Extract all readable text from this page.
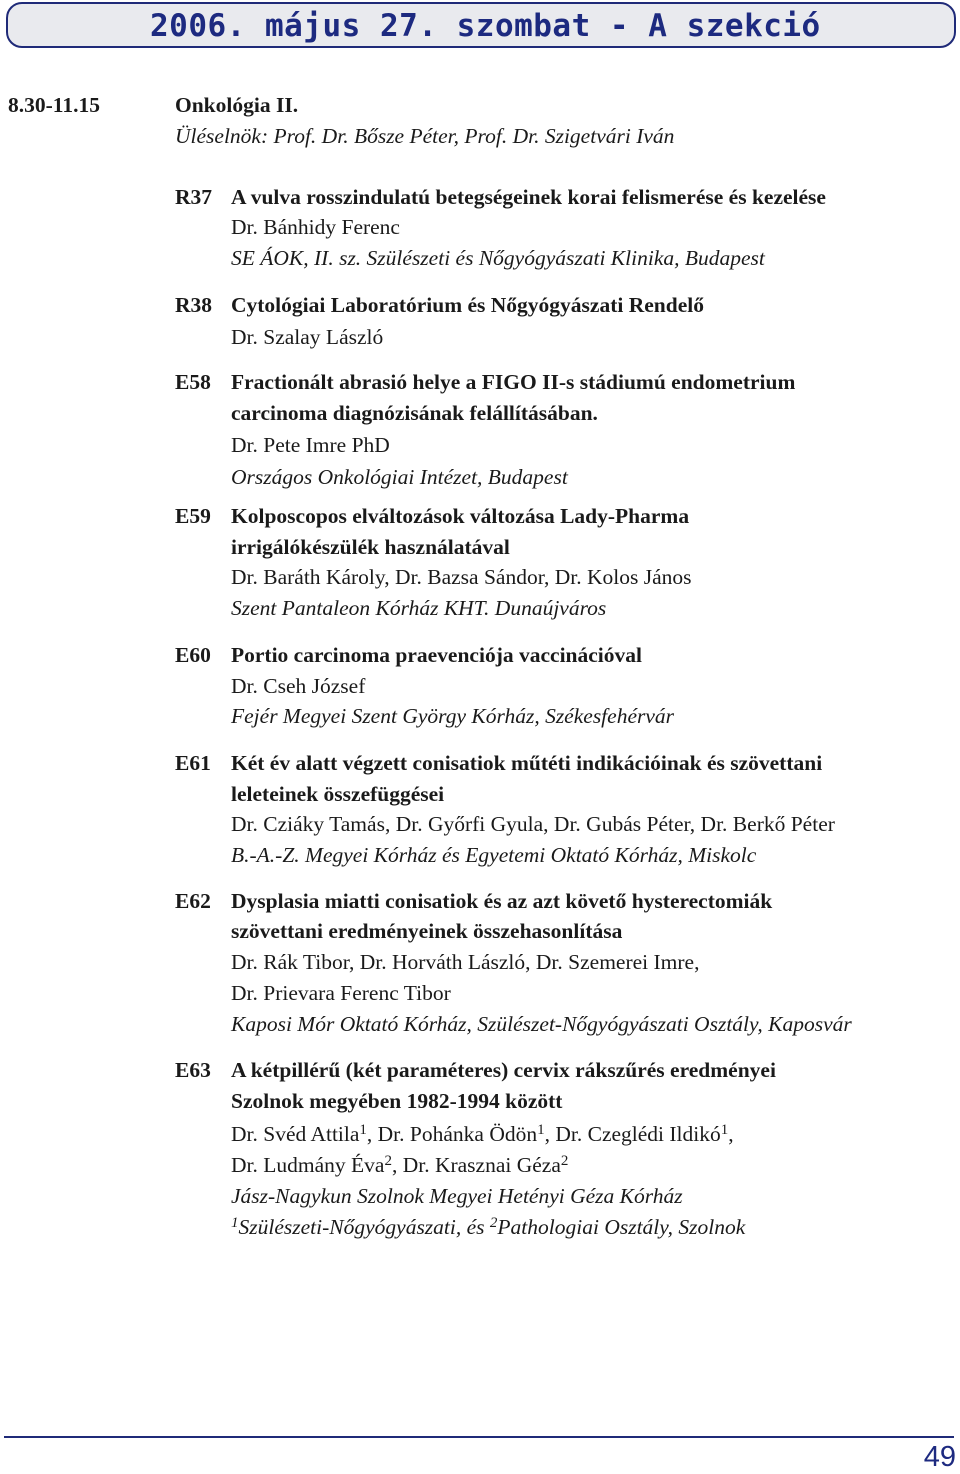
2006. május 27. szombat - A szekció
8.30-11.15	Onkológia II.
Üléselnök: Prof. Dr. Bősze Péter, Prof. Dr. Szigetvári Iván
R37 A vulva rosszindulatú betegségeinek korai felismerése és kezelése
Dr. Bánhidy Ferenc
SE ÁOK, II. sz. Szülészeti és Nőgyógyászati Klinika, Budapest
R38 Cytológiai Laboratórium és Nőgyógyászati Rendelő
Dr. Szalay László
E58 Fractionált abrasió helye a FIGO II-s stádiumú endometrium
carcinoma diagnózisának felállításában.
Dr. Pete Imre PhD
Országos Onkológiai Intézet, Budapest
E59 Kolposcopos elváltozások változása Lady-Pharma
irrigálókészülék használatával
Dr. Baráth Károly, Dr. Bazsa Sándor, Dr. Kolos János
Szent Pantaleon Kórház KHT. Dunaújváros
E60 Portio carcinoma praevenciója vaccinációval
Dr. Cseh József
Fejér Megyei Szent György Kórház, Székesfehérvár
E61 Két év alatt végzett conisatiok műtéti indikációinak és szövettani
leleteinek összefüggései
Dr. Cziáky Tamás, Dr. Győrfi Gyula, Dr. Gubás Péter, Dr. Berkő Péter
B.-A.-Z. Megyei Kórház és Egyetemi Oktató Kórház, Miskolc
E62 Dysplasia miatti conisatiok és az azt követő hysterectomiák
szövettani eredményeinek összehasonlítása
Dr. Rák Tibor, Dr. Horváth László, Dr. Szemerei Imre,
Dr. Prievara Ferenc Tibor
Kaposi Mór Oktató Kórház, Szülészet-Nőgyógyászati Osztály, Kaposvár
E63 A kétpillérű (két paraméteres) cervix rákszűrés eredményei
Szolnok megyében 1982-1994 között
Dr. Svéd Attila$^1$, Dr. Pohánka Ödön$^1$, Dr. Czeglédi Ildikó$^1$,
Dr. Ludmány Éva$^2$, Dr. Krasznai Géza$^2$
Jász-Nagykun Szolnok Megyei Hetényi Géza Kórház
$^1$Szülészeti-Nőgyógyászati, és $^2$Pathologiai Osztály, Szolnok
49
